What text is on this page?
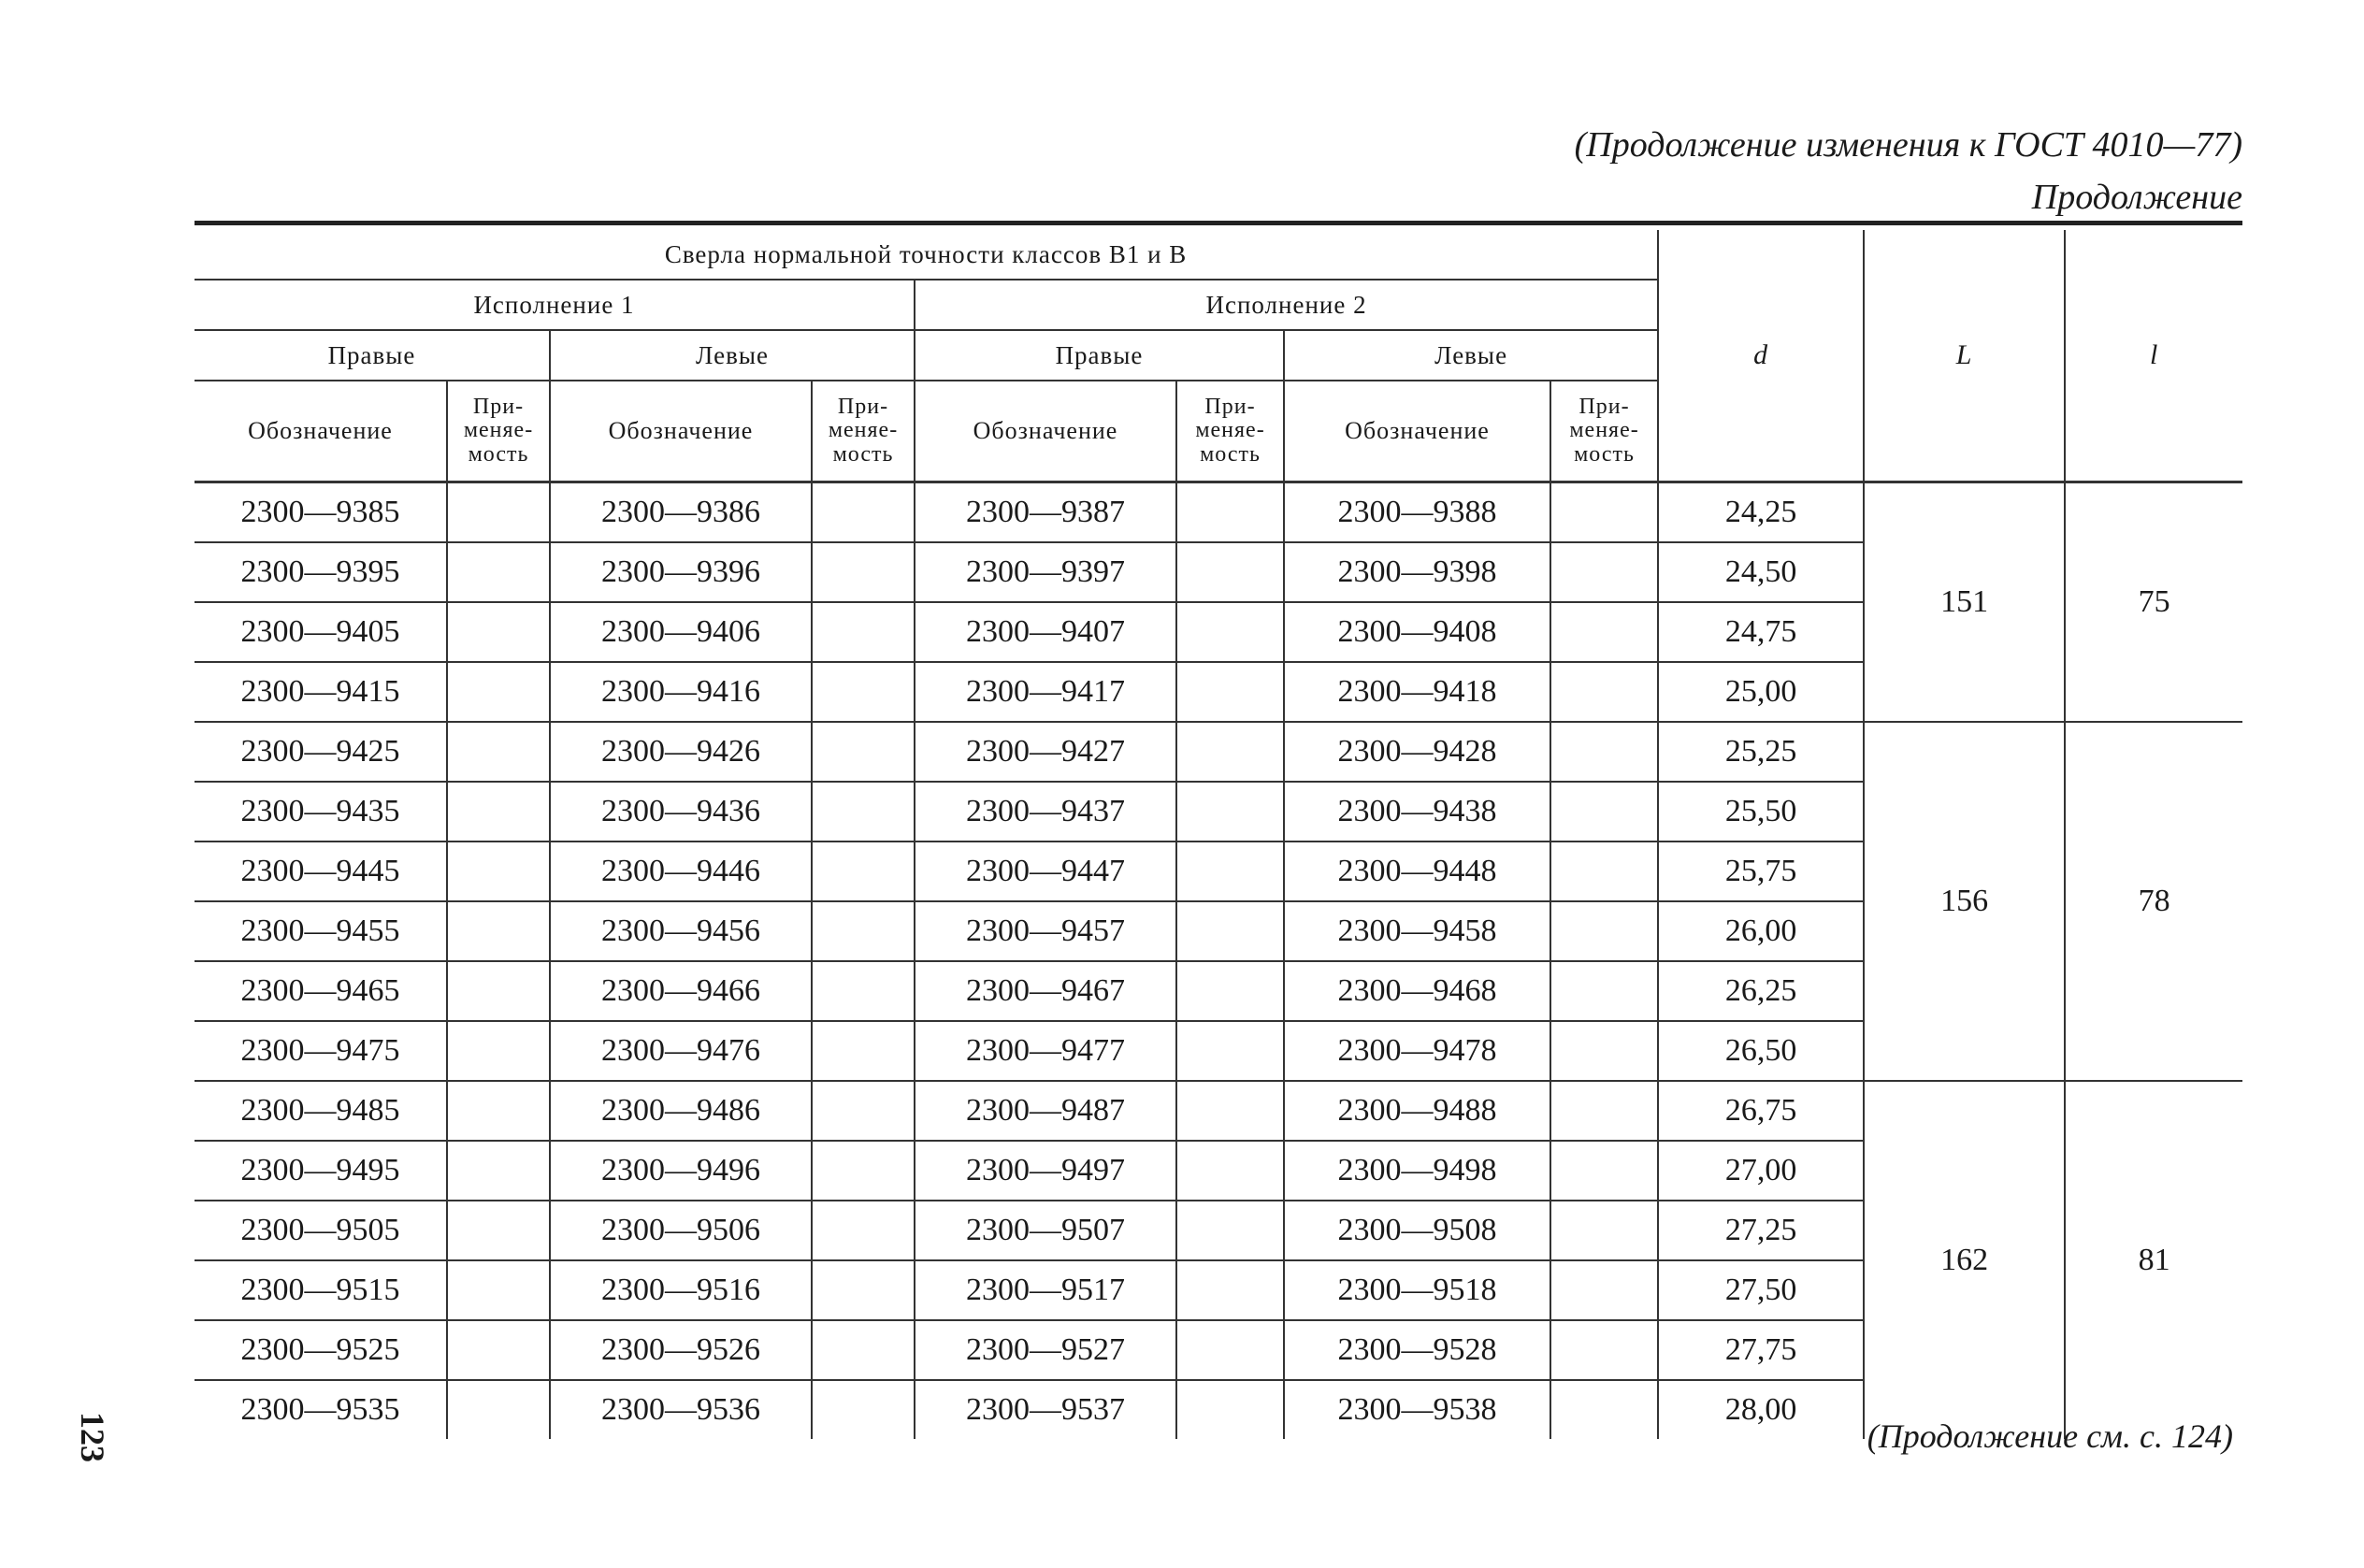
(Продолжение изменения к ГОСТ 4010—77)
Продолжение
Сверла нормальной точности классов В1 и В								d	L	l
Исполнение 1				Исполнение 2						
Правые		Левые		Правые		Левые				
Обозначение	При-меняе-мость	Обозначение	При-меняе-мость	Обозначение	При-меняе-мость	Обозначение	При-меняе-мость			
2300—9385		2300—9386		2300—9387		2300—9388		24,25	151	75
2300—9395		2300—9396		2300—9397		2300—9398		24,50		
2300—9405		2300—9406		2300—9407		2300—9408		24,75		
2300—9415		2300—9416		2300—9417		2300—9418		25,00		
2300—9425		2300—9426		2300—9427		2300—9428		25,25	156	78
2300—9435		2300—9436		2300—9437		2300—9438		25,50		
2300—9445		2300—9446		2300—9447		2300—9448		25,75		
2300—9455		2300—9456		2300—9457		2300—9458		26,00		
2300—9465		2300—9466		2300—9467		2300—9468		26,25		
2300—9475		2300—9476		2300—9477		2300—9478		26,50		
2300—9485		2300—9486		2300—9487		2300—9488		26,75	162	81
2300—9495		2300—9496		2300—9497		2300—9498		27,00		
2300—9505		2300—9506		2300—9507		2300—9508		27,25		
2300—9515		2300—9516		2300—9517		2300—9518		27,50		
2300—9525		2300—9526		2300—9527		2300—9528		27,75		
2300—9535		2300—9536		2300—9537		2300—9538		28,00		
(Продолжение см. с. 124)
123
